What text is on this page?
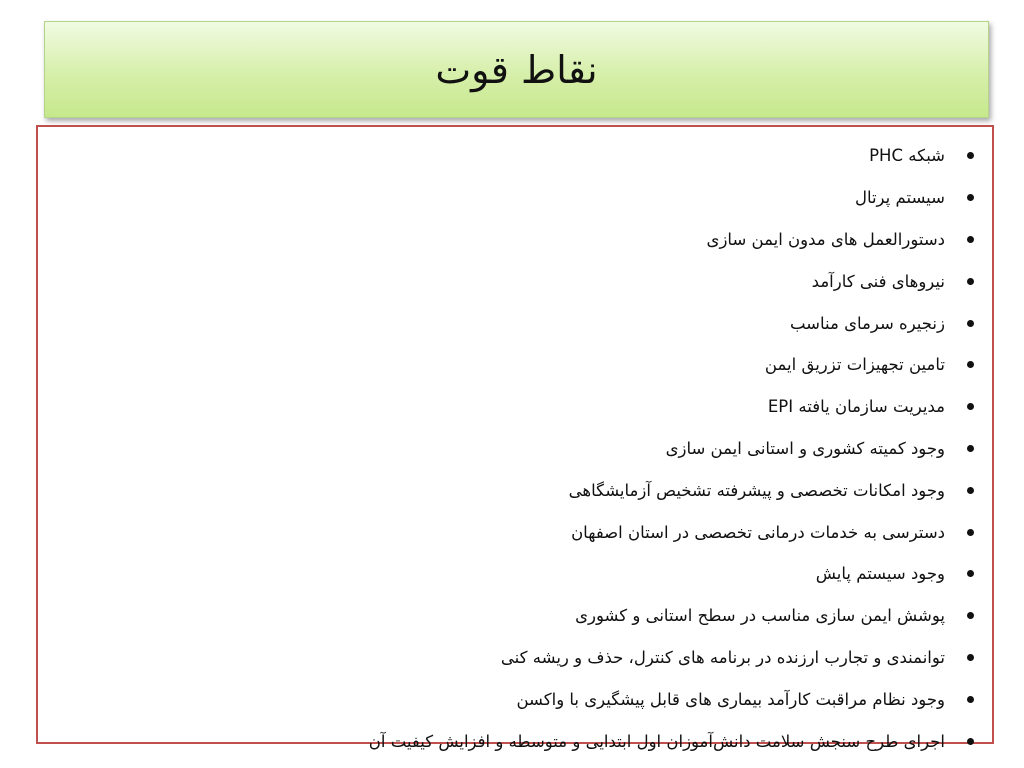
نقاط قوت
شبکه PHC
سیستم پرتال
دستورالعمل های مدون ایمن سازی
نیروهای فنی کارآمد
زنجیره سرمای مناسب
تامین تجهیزات تزریق ایمن
مدیریت سازمان یافته EPI
وجود کمیته کشوری و استانی ایمن سازی
وجود امکانات تخصصی و پیشرفته تشخیص آزمایشگاهی
دسترسی به خدمات درمانی تخصصی در استان اصفهان
وجود سیستم پایش
پوشش ایمن سازی مناسب در سطح استانی و کشوری
توانمندی و تجارب ارزنده در برنامه های کنترل، حذف و ریشه کنی
وجود نظام مراقبت کارآمد بیماری های قابل پیشگیری با واکسن
اجرای طرح سنجش سلامت دانش‌آموزان اول ابتدایی و متوسطه و افزایش کیفیت آن
